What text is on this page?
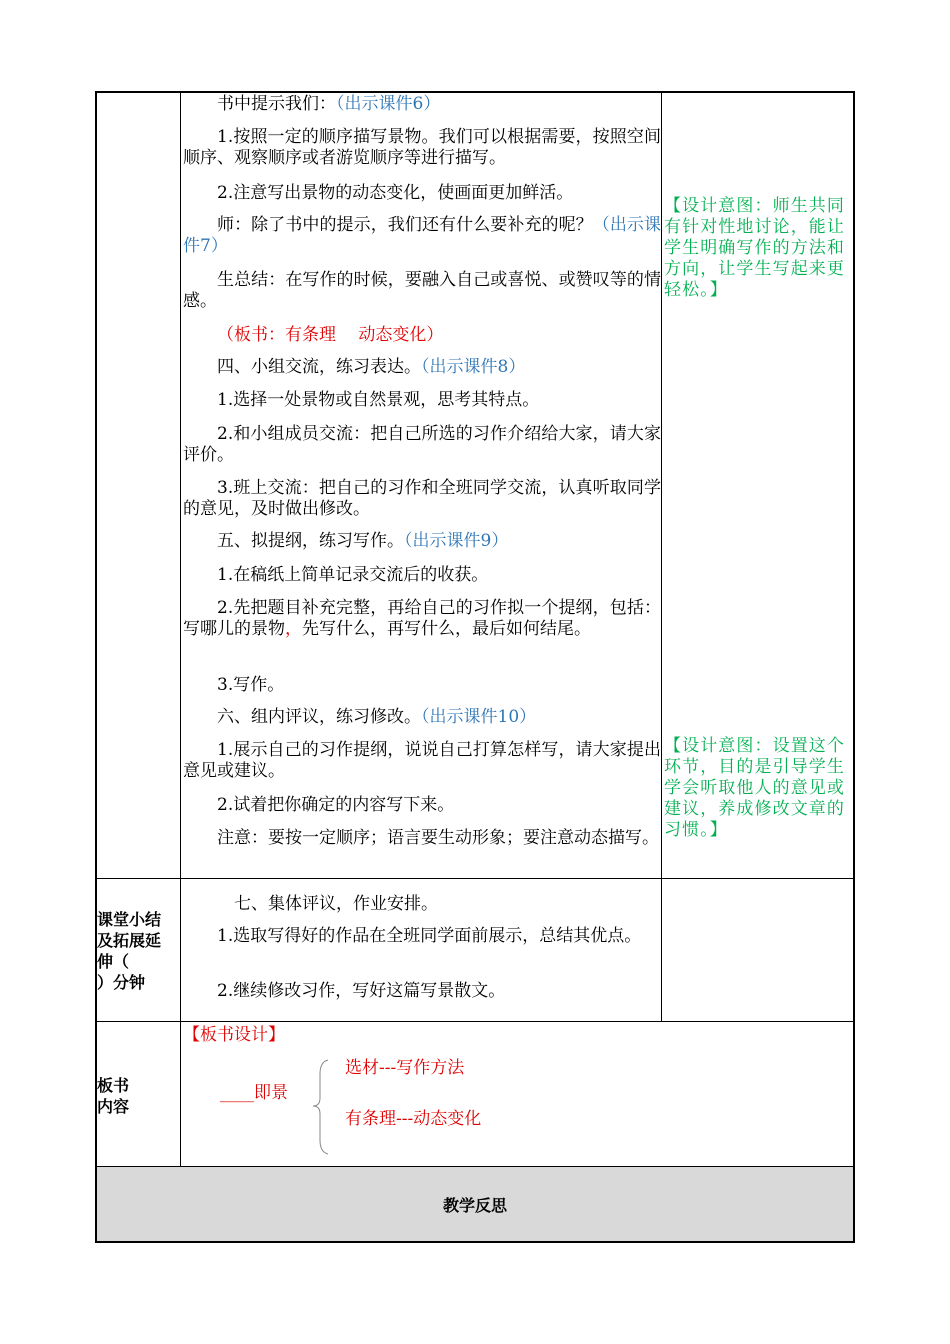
书中提示我们：（出示课件6）

1.按照一定的顺序描写景物。我们可以根据需要，按照空间顺序、观察顺序或者游览顺序等进行描写。

2.注意写出景物的动态变化，使画面更加鲜活。

师：除了书中的提示，我们还有什么要补充的呢？（出示课件7）

生总结：在写作的时候，要融入自己或喜悦、或赞叹等的情感。

（板书：有条理　 动态变化）

四、小组交流，练习表达。（出示课件8）

1.选择一处景物或自然景观，思考其特点。

2.和小组成员交流：把自己所选的习作介绍给大家，请大家评价。

3.班上交流：把自己的习作和全班同学交流，认真听取同学的意见，及时做出修改。

五、拟提纲，练习写作。（出示课件9）

1.在稿纸上简单记录交流后的收获。

2.先把题目补充完整，再给自己的习作拟一个提纲，包括：写哪儿的景物，先写什么，再写什么，最后如何结尾。

3.写作。

六、组内评议，练习修改。（出示课件10）

1.展示自己的习作提纲，说说自己打算怎样写，请大家提出意见或建议。

2.试着把你确定的内容写下来。

注意：要按一定顺序；语言要生动形象；要注意动态描写。

【设计意图：师生共同有针对性地讨论，能让学生明确写作的方法和方向，让学生写起来更轻松。】

【设计意图：设置这个环节，目的是引导学生学会听取他人的意见或建议，养成修改文章的习惯。】

课堂小结
及拓展延
伸（
）分钟

七、集体评议，作业安排。

1.选取写得好的作品在全班同学面前展示，总结其优点。

2.继续修改习作，写好这篇写景散文。

板书
内容

【板书设计】

____即景

选材---写作方法

有条理---动态变化

教学反思
